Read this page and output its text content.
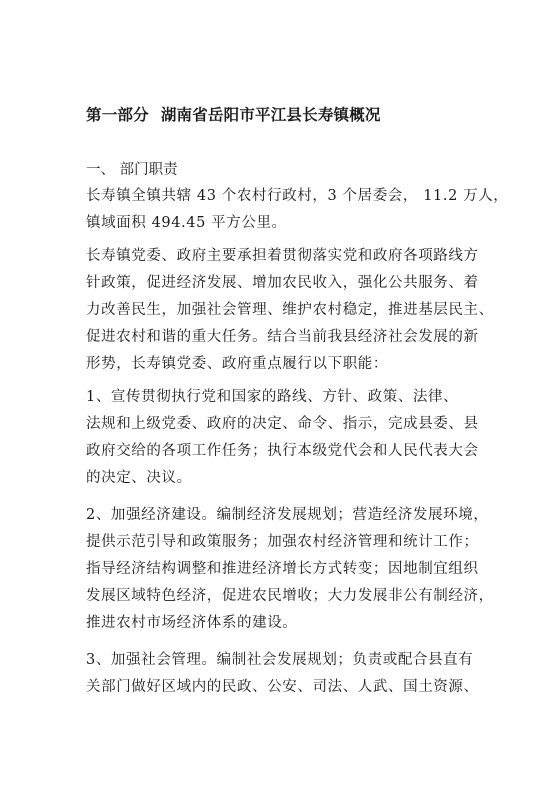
第一部分 湖南省岳阳市平江县长寿镇概况
一、 部门职责
长寿镇全镇共辖 43 个农村行政村，3 个居委会， 11.2 万人，
镇域面积 494.45 平方公里。
长寿镇党委、政府主要承担着贯彻落实党和政府各项路线方
针政策，促进经济发展、增加农民收入，强化公共服务、着
力改善民生，加强社会管理、维护农村稳定，推进基层民主、
促进农村和谐的重大任务。结合当前我县经济社会发展的新
形势，长寿镇党委、政府重点履行以下职能：
1、宣传贯彻执行党和国家的路线、方针、政策、法律、
法规和上级党委、政府的决定、命令、指示，完成县委、县
政府交给的各项工作任务；执行本级党代会和人民代表大会
的决定、决议。
2、加强经济建设。编制经济发展规划；营造经济发展环境，
提供示范引导和政策服务；加强农村经济管理和统计工作；
指导经济结构调整和推进经济增长方式转变；因地制宜组织
发展区域特色经济，促进农民增收；大力发展非公有制经济，
推进农村市场经济体系的建设。
3、加强社会管理。编制社会发展规划；负责或配合县直有
关部门做好区域内的民政、公安、司法、人武、国土资源、
